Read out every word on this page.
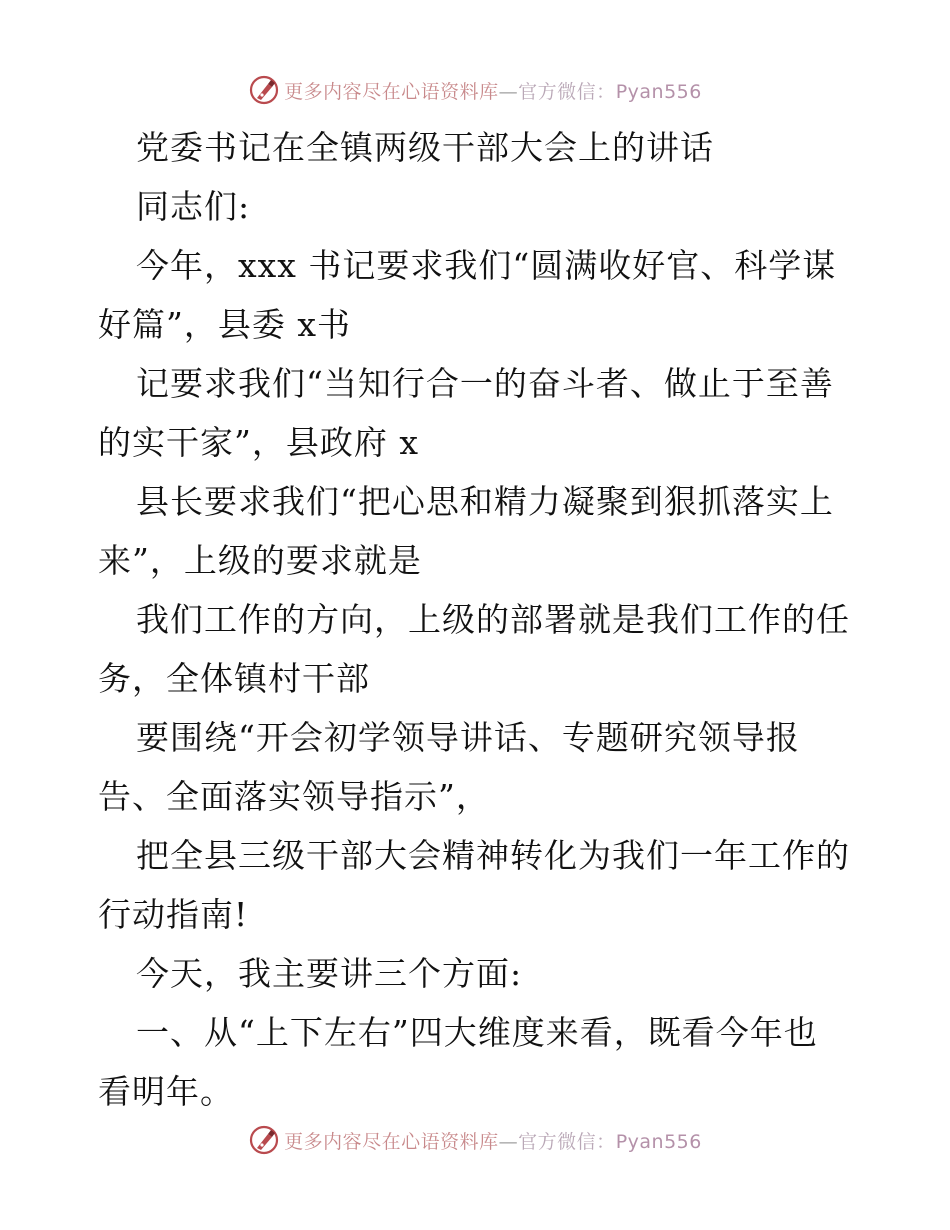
更多内容尽在心语资料库—官方微信：Pyan556
党委书记在全镇两级干部大会上的讲话
同志们:
今年，xxx 书记要求我们“圆满收好官、科学谋
好篇”，县委 x书
记要求我们“当知行合一的奋斗者、做止于至善
的实干家”，县政府 x
县长要求我们“把心思和精力凝聚到狠抓落实上
来”，上级的要求就是
我们工作的方向，上级的部署就是我们工作的任
务，全体镇村干部
要围绕“开会初学领导讲话、专题研究领导报
告、全面落实领导指示”，
把全县三级干部大会精神转化为我们一年工作的
行动指南!
今天，我主要讲三个方面:
一、从“上下左右”四大维度来看，既看今年也
看明年。
更多内容尽在心语资料库—官方微信：Pyan556
